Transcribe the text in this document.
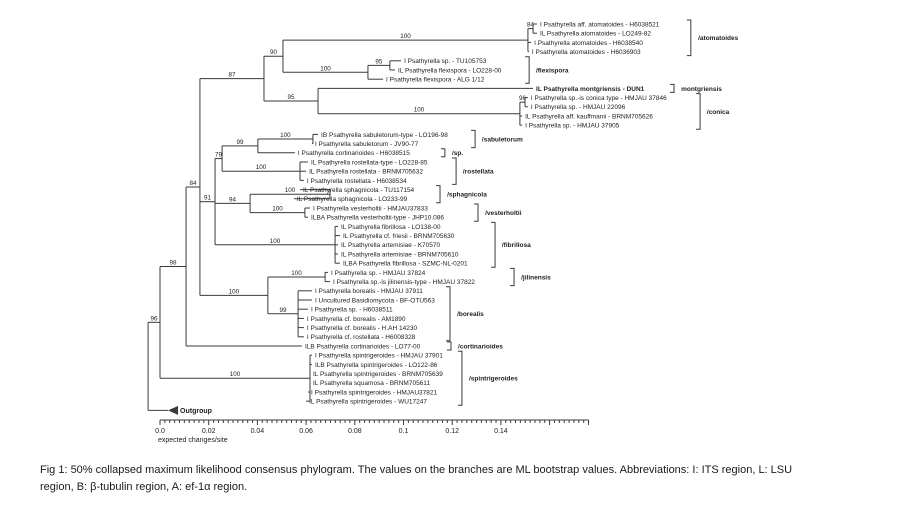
96
98
84
87
90
100
84 I Psathyrella aff. atomatoides - H6038521
IL Psathyrella atomatoides - LO249-82
I Psathyrella atomatoides - H6038540
I Psathyrella atomatoides - H6036903
100
95	I Psathyrella sp. - TU105753
IL Psathyrella flexispora - LO228-00
I Psathyrella flexispora - ALG 1/12
95
IL Psathyrella montgriensis - DUN1
100
96 I Psathyrella sp.-is conica type - HMJAU 37846
I Psathyrella sp. - HMJAU 22096
IL Psathyrella aff. kauffmanii - BRNM705626
I Psathyrella sp. - HMJAU 37905
91
79
99
100	IB Psathyrella sabuletorum-type - LO196-98
I Psathyrella sabuletorum - JV90-77
I Psathyrella cortinarioides - H6038515
100
IL Psathyrella rostellata-type - LO228-85
IL Psathyrella rostellata - BRNM705632
I Psathyrella rostellata - H6038534
94
100 IL Psathyrella sphagnicola - TU117154
IL Psathyrella sphagnicola - LO233-99
100	I Psathyrella vesterholtii - HMJAU37833
ILBA Psathyrella vesterholtii-type - JHP10.086
100
IL Psathyrella fibrillosa - LO138-00
IL Psathyrella cf. friesii - BRNM705630
IL Psathyrella artemisiae - K70570
IL Psathyrella artemisiae - BRNM705610
ILBA Psathyrella fibrillosa - SZMC-NL-0201
100
100	I Psathyrella sp. - HMJAU 37824
I Psathyrella sp.-is jilinensis-type - HMJAU 37822
99
I Psathyrella borealis - HMJAU 37911
I Uncultured Basidiomycota - BF-OTU563
I Psathyrella sp. - H6038511
I Psathyrella cf. borealis - AM1890
I Psathyrella cf. borealis - H.AH 14230
I Psathyrella cf. rostellata - H6008328
ILB Psathyrella cortinarioides - LO77-00
100
I Psathyrella spintrigeroides - HMJAU 37901
ILB Psathyrella spintrigeroides - LO122-86
IL Psathyrella spintrigeroides - BRNM705639
IL Psathyrella squamosa - BRNM705611
I Psathyrella spintrigeroides - HMJAU37821
IL Psathyrella spintrigeroides - WU17247
Outgroup
/atomatoides
/flexispora
montgriensis
/conica
/sabuletorum
/sp.
/rostellata
/sphagnicola
/vesterholtii
/fibrillosa
/jilinensis
/borealis
/cortinarioides
/spintrigeroides
0.0	0.02	0.04	0.06	0.08	0.1	0.12	0.14
expected changes/site
Fig 1: 50% collapsed maximum likelihood consensus phylogram. The values on the branches are ML bootstrap values. Abbreviations: I: ITS region, L: LSU
region, B: β-tubulin region, A: ef-1α region.
